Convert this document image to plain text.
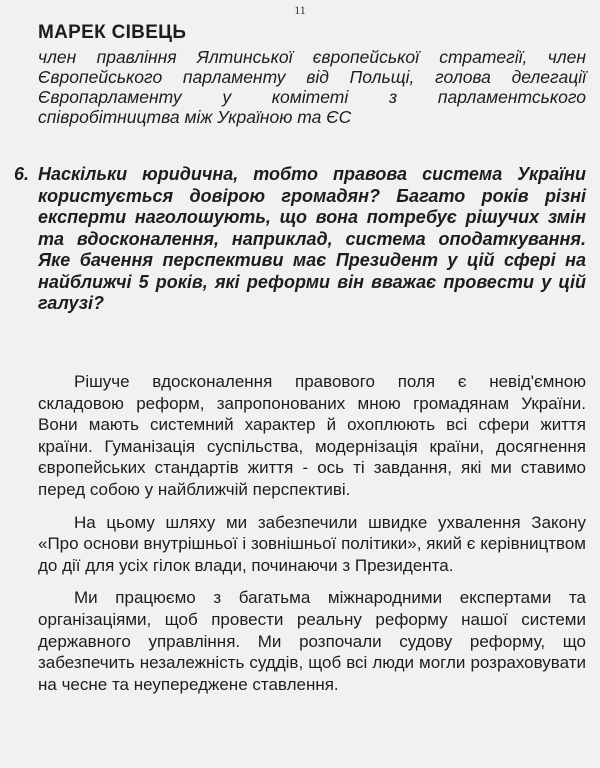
11
МАРЕК СІВЕЦЬ
член правління Ялтинської європейської стратегії, член Європейського парламенту від Польщі, голова делегації Європарламенту у комітеті з парламентського співробітництва між Україною та ЄС
6. Наскільки юридична, тобто правова система України користується довірою громадян? Багато років різні експерти наголошують, що вона потребує рішучих змін та вдосконалення, наприклад, система оподаткування. Яке бачення перспективи має Президент у цій сфері на найближчі 5 років, які реформи він вважає провести у цій галузі?

Рішуче вдосконалення правового поля є невід'ємною складовою реформ, запропонованих мною громадянам України. Вони мають системний характер й охоплюють всі сфери життя країни. Гуманізація суспільства, модернізація країни, досягнення європейських стандартів життя - ось ті завдання, які ми ставимо перед собою у найближчій перспективі.

На цьому шляху ми забезпечили швидке ухвалення Закону «Про основи внутрішньої і зовнішньої політики», який є керівництвом до дії для усіх гілок влади, починаючи з Президента.

Ми працюємо з багатьма міжнародними експертами та організаціями, щоб провести реальну реформу нашої системи державного управління. Ми розпочали судову реформу, що забезпечить незалежність суддів, щоб всі люди могли розраховувати на чесне та неупереджене ставлення.
